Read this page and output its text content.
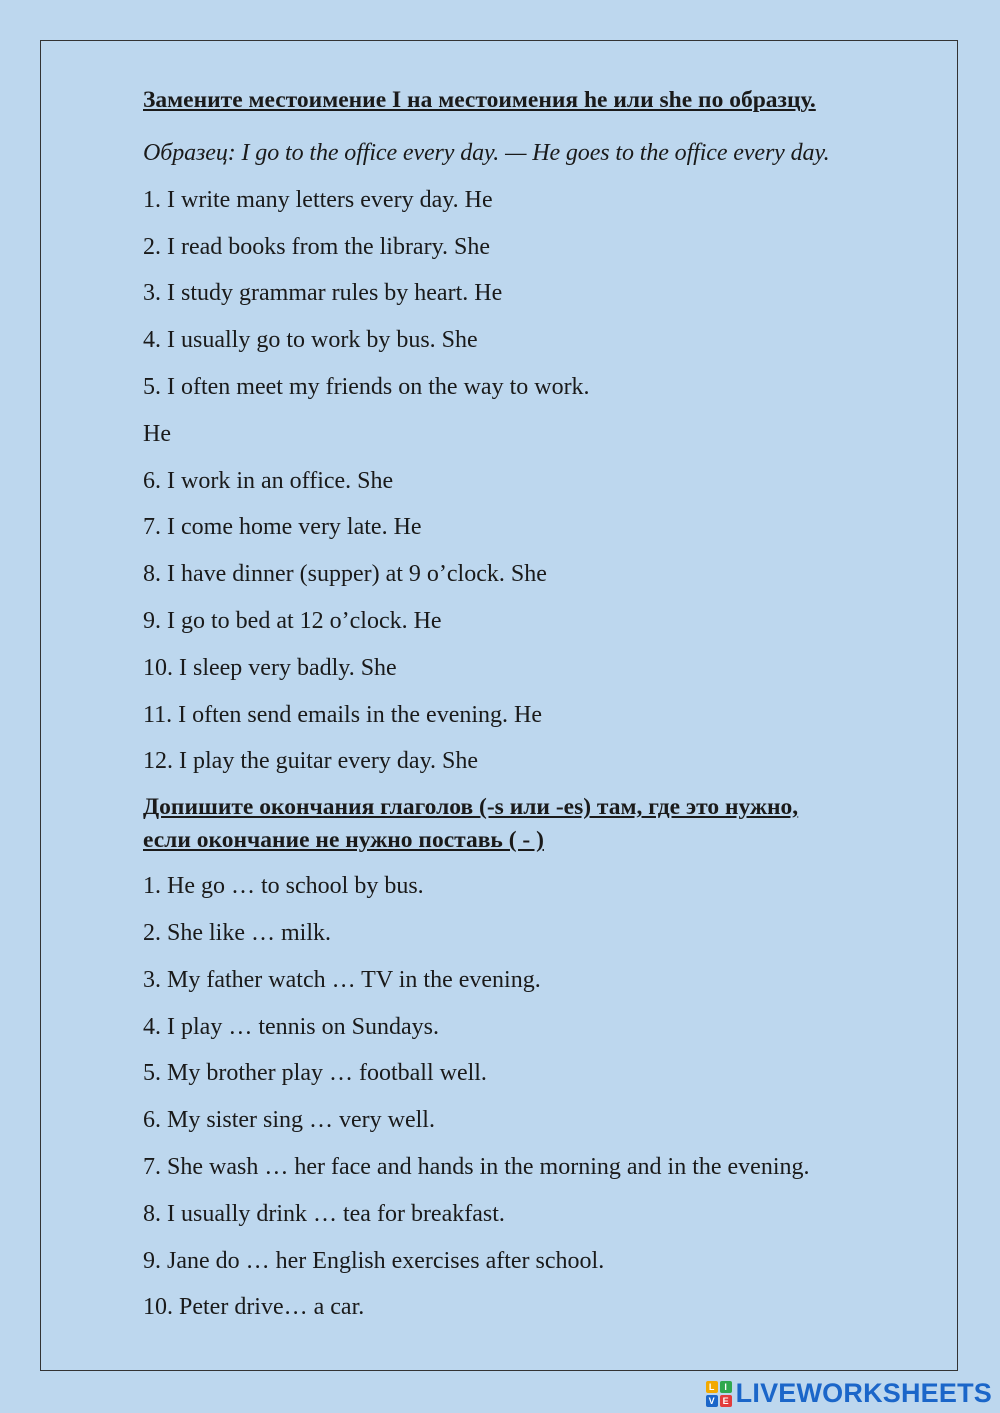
Замените местоимение I на местоимения he или she по образцу.
Образец: I go to the office every day. — He goes to the office every day.
1. I write many letters every day. He
2. I read books from the library. She
3. I study grammar rules by heart. He
4. I usually go to work by bus. She
5. I often meet my friends on the way to work.
He
6. I work in an office. She
7. I come home very late. He
8. I have dinner (supper) at 9 o’clock. She
9. I go to bed at 12 o’clock. He
10. I sleep very badly. She
11. I often send emails in the evening. He
12. I play the guitar every day. She
Допишите окончания глаголов (-s или -es) там, где это нужно,
если окончание не нужно поставь ( - )
1. He go … to school by bus.
2. She like … milk.
3. My father watch … TV in the evening.
4. I play … tennis on Sundays.
5. My brother play … football well.
6. My sister sing … very well.
7. She wash … her face and hands in the morning and in the evening.
8. I usually drink … tea for breakfast.
9. Jane do … her English exercises after school.
10. Peter drive… a car.
L	I
V E LIVEWORKSHEETS
